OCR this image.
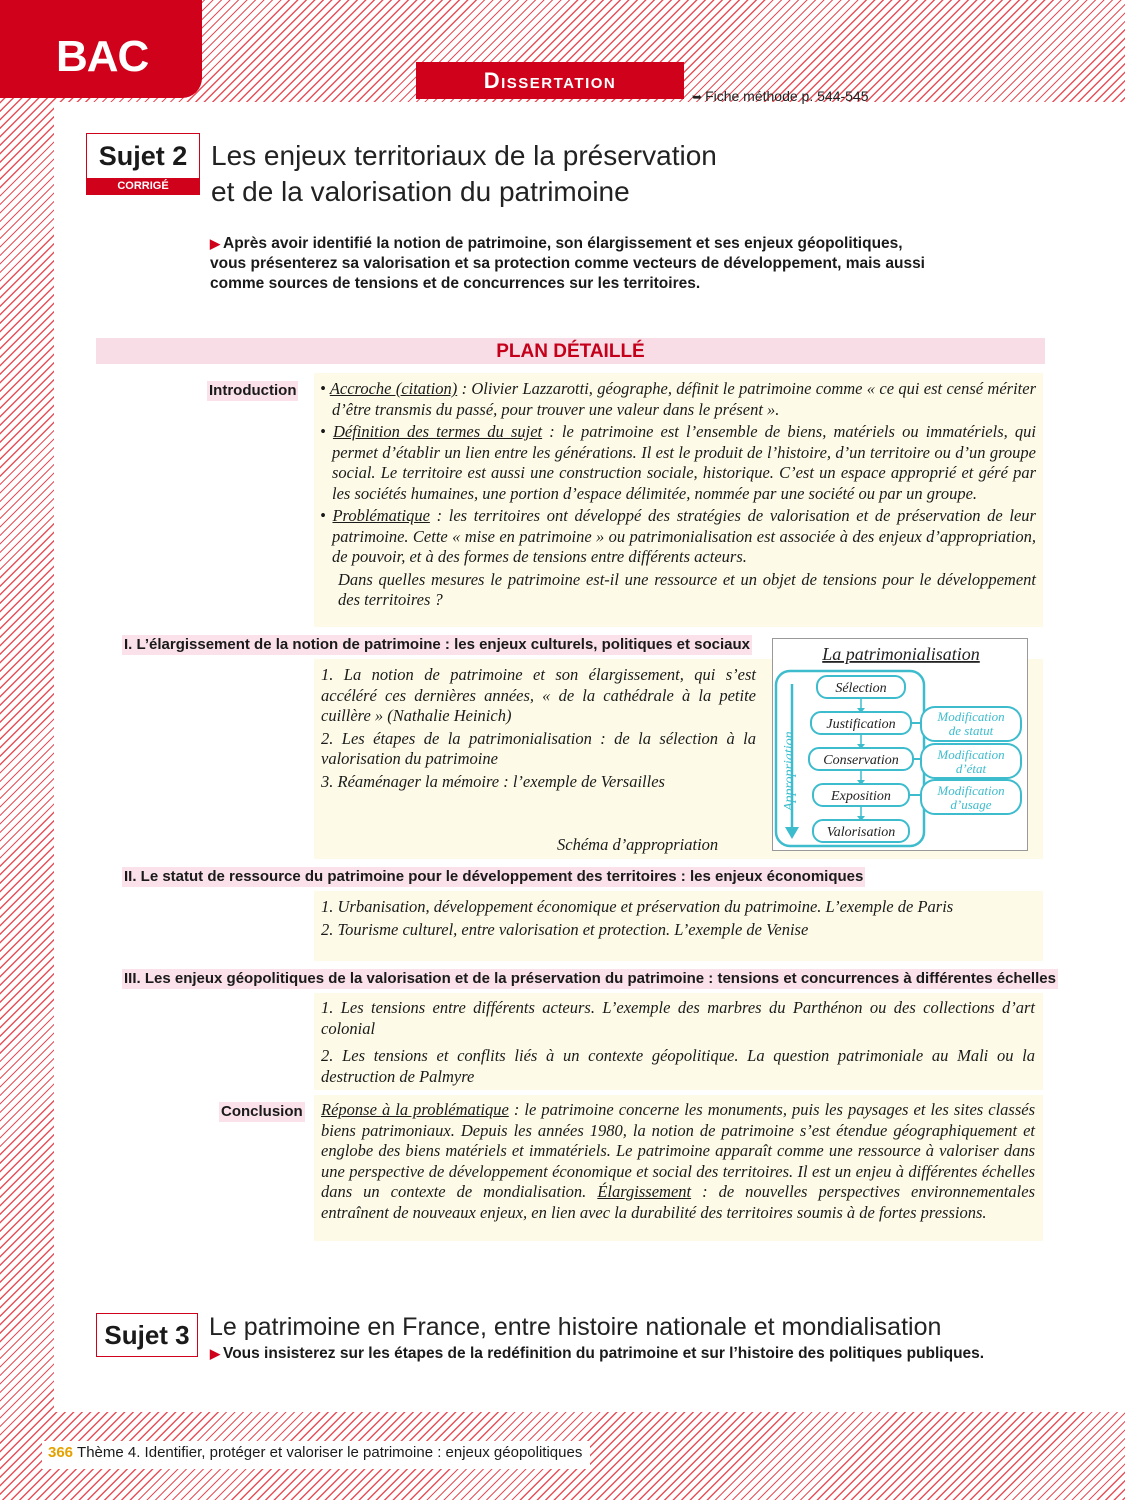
BAC	Dissertation
➥ Fiche méthode p. 544-545
Sujet 2
CORRIGÉ
Les enjeux territoriaux de la préservation
et de la valorisation du patrimoine
▶ Après avoir identifié la notion de patrimoine, son élargissement et ses enjeux géopolitiques, vous présenterez sa valorisation et sa protection comme vecteurs de développement, mais aussi comme sources de tensions et de concurrences sur les territoires.
PLAN DÉTAILLÉ
Introduction • Accroche (citation) : Olivier Lazzarotti, géographe, définit le patrimoine comme « ce qui est censé mériter d’être transmis du passé, pour trouver une valeur dans le présent ».
• Définition des termes du sujet : le patrimoine est l’ensemble de biens, matériels ou immatériels, qui permet d’établir un lien entre les générations. Il est le produit de l’histoire, d’un territoire ou d’un groupe social. Le territoire est aussi une construction sociale, historique. C’est un espace approprié et géré par les sociétés humaines, une portion d’espace délimitée, nommée par une société ou par un groupe.
• Problématique : les territoires ont développé des stratégies de valorisation et de préservation de leur patrimoine. Cette « mise en patrimoine » ou patrimonialisation est associée à des enjeux d’appropriation, de pouvoir, et à des formes de tensions entre différents acteurs.
Dans quelles mesures le patrimoine est-il une ressource et un objet de tensions pour le développement des territoires ?
I. L’élargissement de la notion de patrimoine : les enjeux culturels, politiques et sociaux
1. La notion de patrimoine et son élargissement, qui s’est accéléré ces dernières années, « de la cathédrale à la petite cuillère » (Nathalie Heinich)
2. Les étapes de la patrimonialisation : de la sélection à la valorisation du patrimoine
3. Réaménager la mémoire : l’exemple de Versailles
Schéma d’appropriation
La patrimonialisation
Appropriation
Sélection
Justification
Conservation
Exposition
Valorisation
Modification
de statut
Modification
d’état
Modification
d’usage
II. Le statut de ressource du patrimoine pour le développement des territoires : les enjeux économiques
1. Urbanisation, développement économique et préservation du patrimoine. L’exemple de Paris
2. Tourisme culturel, entre valorisation et protection. L’exemple de Venise
III. Les enjeux géopolitiques de la valorisation et de la préservation du patrimoine : tensions et concurrences à différentes échelles
1. Les tensions entre différents acteurs. L’exemple des marbres du Parthénon ou des collections d’art colonial
2. Les tensions et conflits liés à un contexte géopolitique. La question patrimoniale au Mali ou la destruction de Palmyre
Conclusion Réponse à la problématique : le patrimoine concerne les monuments, puis les paysages et les sites classés biens patrimoniaux. Depuis les années 1980, la notion de patrimoine s’est étendue géographiquement et englobe des biens matériels et immatériels. Le patrimoine apparaît comme une ressource à valoriser dans une perspective de développement économique et social des territoires. Il est un enjeu à différentes échelles dans un contexte de mondialisation. Élargissement : de nouvelles perspectives environnementales entraînent de nouveaux enjeux, en lien avec la durabilité des territoires soumis à de fortes pressions.
Sujet 3 Le patrimoine en France, entre histoire nationale et mondialisation
▶ Vous insisterez sur les étapes de la redéfinition du patrimoine et sur l’histoire des politiques publiques.
366 Thème 4. Identifier, protéger et valoriser le patrimoine : enjeux géopolitiques
